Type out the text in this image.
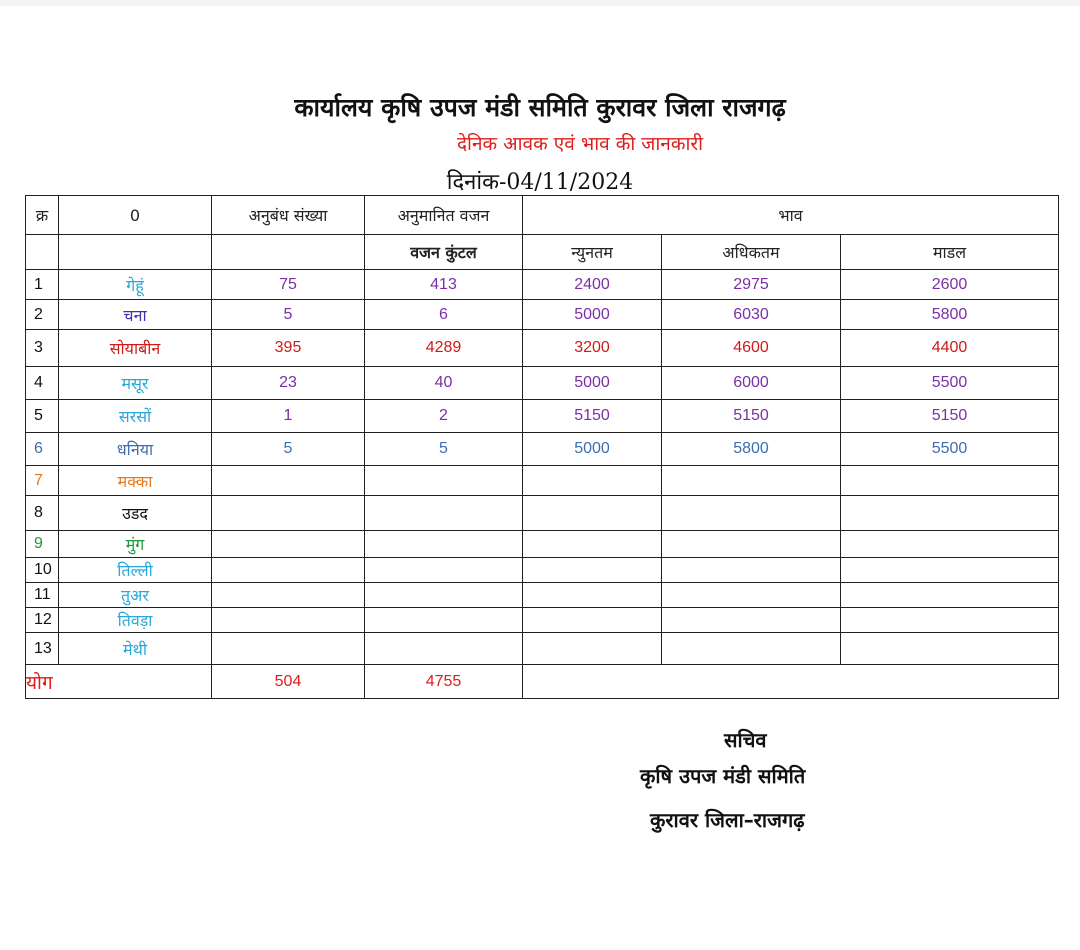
कार्यालय कृषि उपज मंडी समिति कुरावर जिला राजगढ़
देनिक आवक एवं भाव की जानकारी
दिनांक-04/11/2024
क्र	0	अनुबंध संख्या	अनुमानित वजन	भाव		
			वजन कुंटल	न्युनतम	अधिकतम	माडल
1	गेहूं	75	413	2400	2975	2600
2	चना	5	6	5000	6030	5800
3	सोयाबीन	395	4289	3200	4600	4400
4	मसूर	23	40	5000	6000	5500
5	सरसों	1	2	5150	5150	5150
6	धनिया	5	5	5000	5800	5500
7	मक्का					
8	उडद					
9	मुंग					
10	तिल्ली					
11	तुअर					
12	तिवड़ा					
13	मेथी					
योग		504	4755			
सचिव
कृषि उपज मंडी समिति
कुरावर जिला–राजगढ़
